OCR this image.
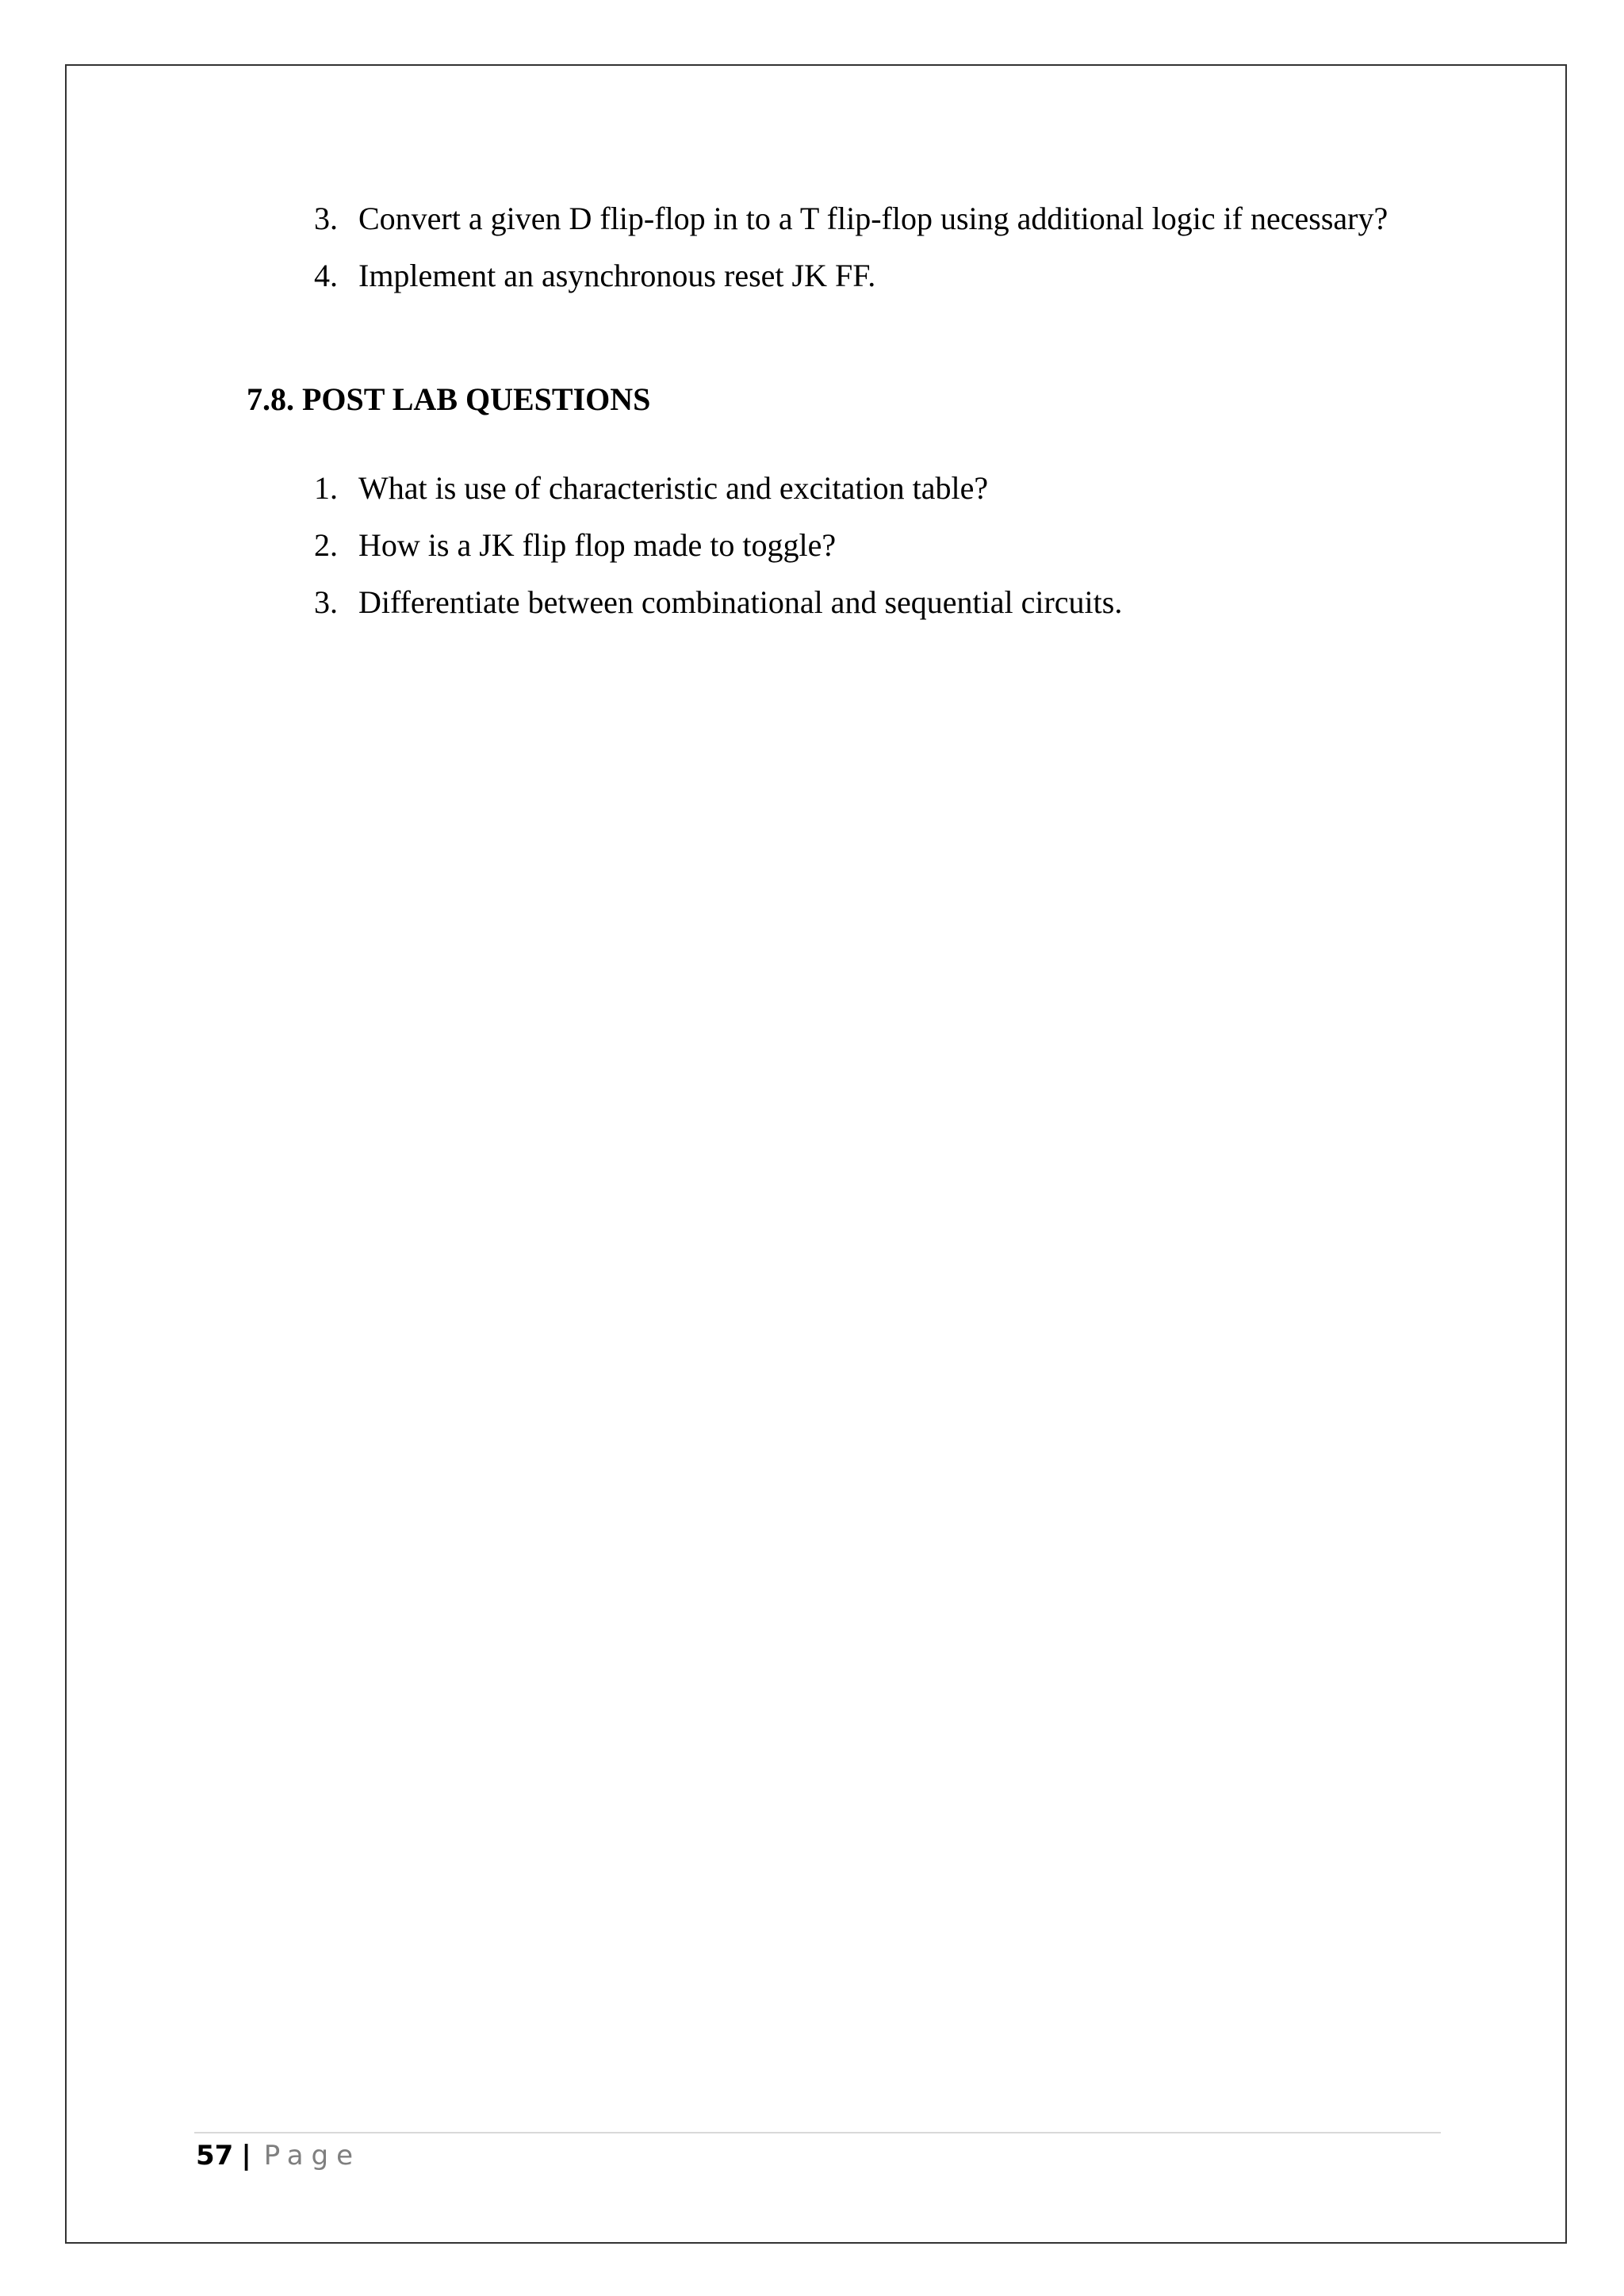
3. Convert a given D flip-flop in to a T flip-flop using additional logic if necessary?
4. Implement an asynchronous reset JK FF.
7.8. POST LAB QUESTIONS
1. What is use of characteristic and excitation table?
2. How is a JK flip flop made to toggle?
3. Differentiate between combinational and sequential circuits.
57 | Page
